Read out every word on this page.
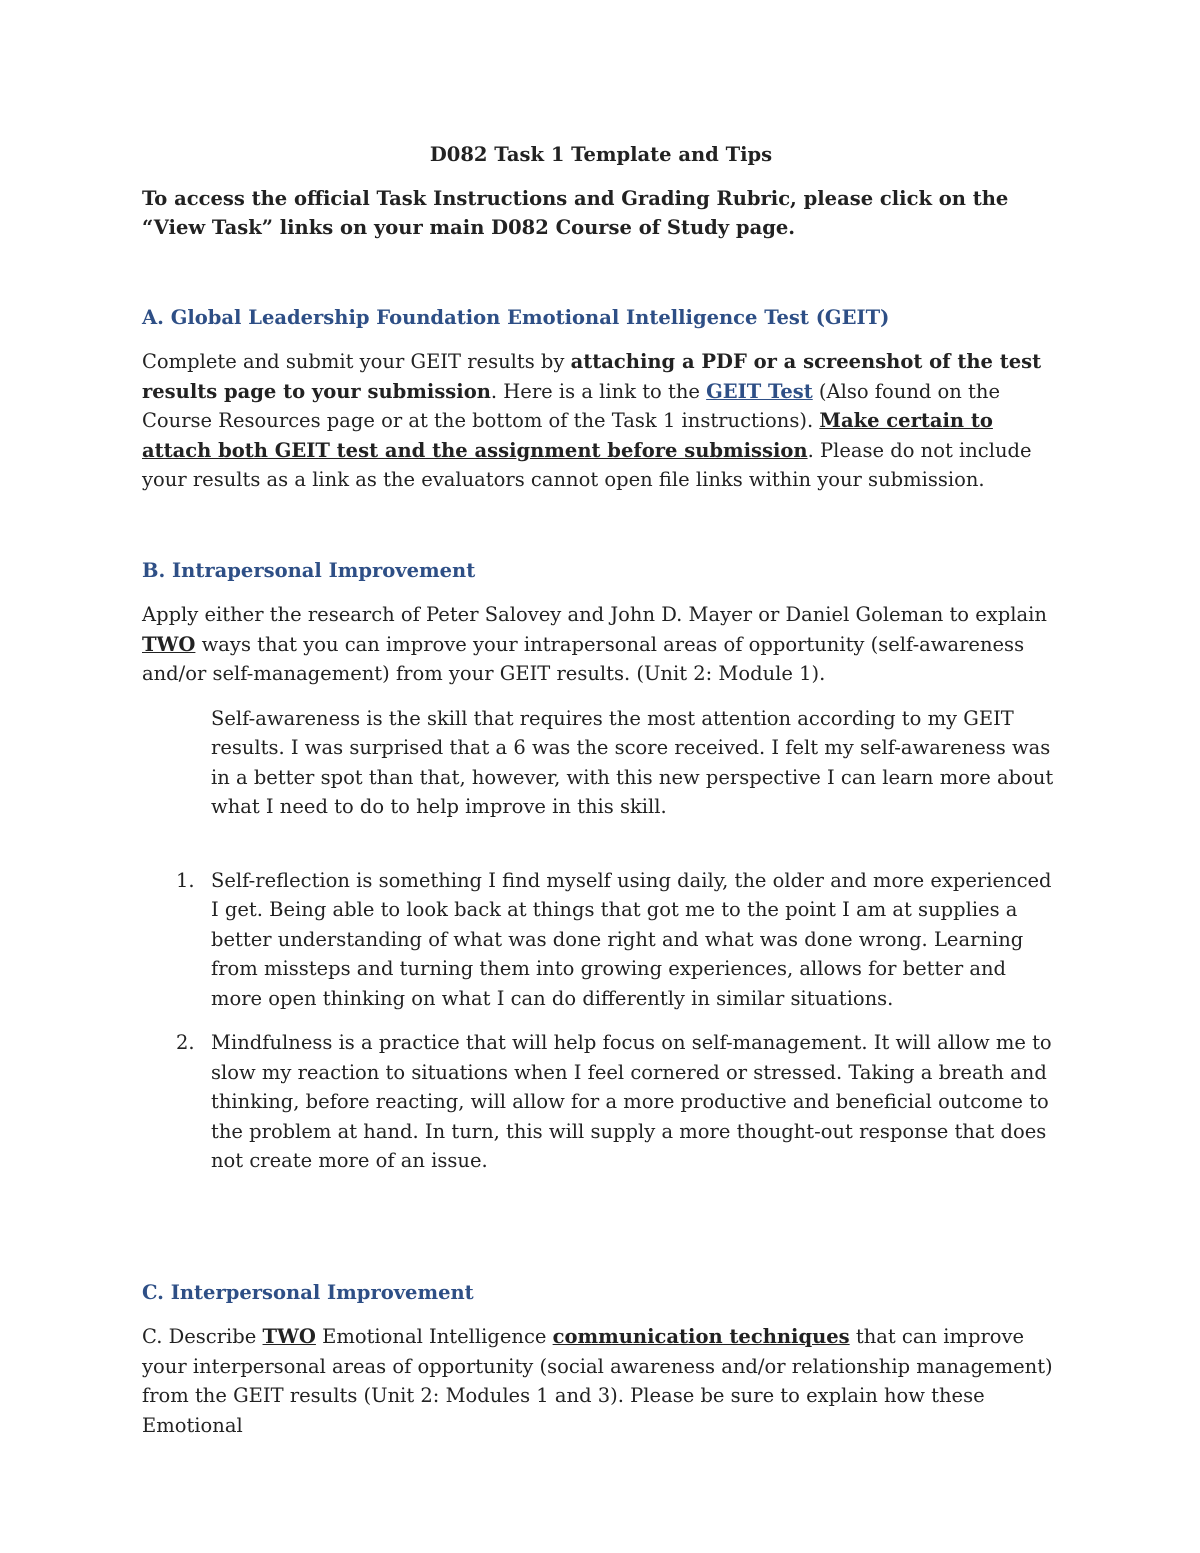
D082 Task 1 Template and Tips

To access the official Task Instructions and Grading Rubric, please click on the “View Task” links on your main D082 Course of Study page.

A. Global Leadership Foundation Emotional Intelligence Test (GEIT)

Complete and submit your GEIT results by attaching a PDF or a screenshot of the test results page to your submission. Here is a link to the GEIT Test (Also found on the Course Resources page or at the bottom of the Task 1 instructions). Make certain to attach both GEIT test and the assignment before submission. Please do not include your results as a link as the evaluators cannot open file links within your submission.

B. Intrapersonal Improvement

Apply either the research of Peter Salovey and John D. Mayer or Daniel Goleman to explain TWO ways that you can improve your intrapersonal areas of opportunity (self-awareness and/or self-management) from your GEIT results. (Unit 2: Module 1).

Self-awareness is the skill that requires the most attention according to my GEIT results. I was surprised that a 6 was the score received. I felt my self-awareness was in a better spot than that, however, with this new perspective I can learn more about what I need to do to help improve in this skill.

1. Self-reflection is something I find myself using daily, the older and more experienced I get. Being able to look back at things that got me to the point I am at supplies a better understanding of what was done right and what was done wrong. Learning from missteps and turning them into growing experiences, allows for better and more open thinking on what I can do differently in similar situations.
2. Mindfulness is a practice that will help focus on self-management. It will allow me to slow my reaction to situations when I feel cornered or stressed. Taking a breath and thinking, before reacting, will allow for a more productive and beneficial outcome to the problem at hand. In turn, this will supply a more thought-out response that does not create more of an issue.

C. Interpersonal Improvement

C. Describe TWO Emotional Intelligence communication techniques that can improve your interpersonal areas of opportunity (social awareness and/or relationship management) from the GEIT results (Unit 2: Modules 1 and 3). Please be sure to explain how these Emotional
